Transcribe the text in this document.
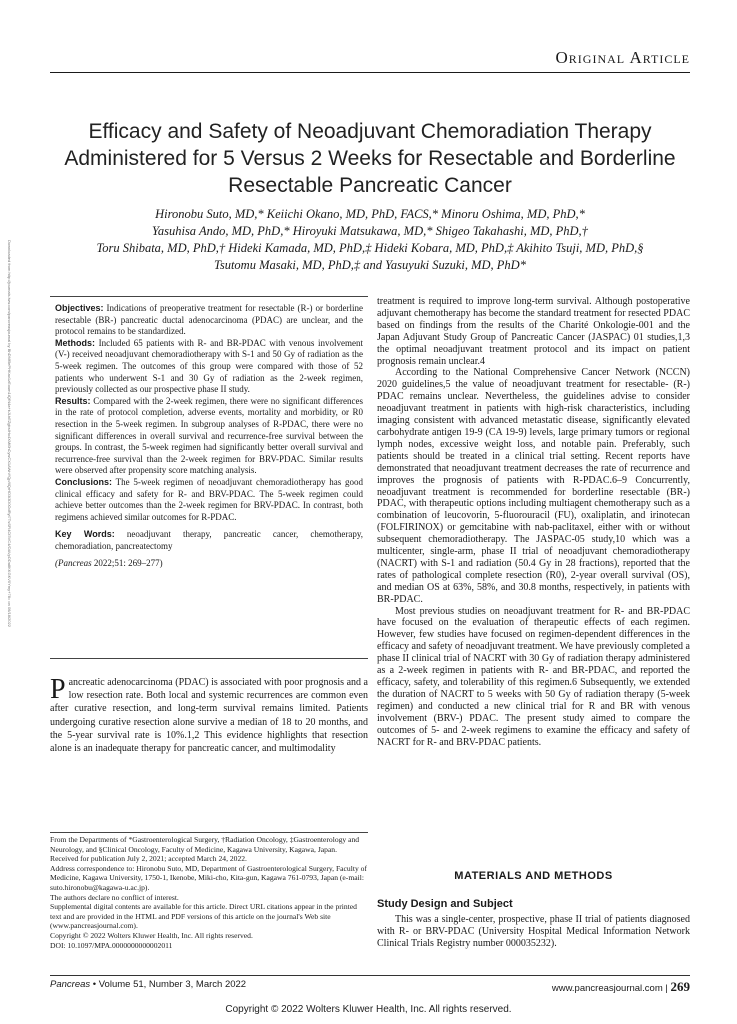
Original Article
Efficacy and Safety of Neoadjuvant Chemoradiation Therapy Administered for 5 Versus 2 Weeks for Resectable and Borderline Resectable Pancreatic Cancer
Hironobu Suto, MD,* Keiichi Okano, MD, PhD, FACS,* Minoru Oshima, MD, PhD,*
Yasuhisa Ando, MD, PhD,* Hiroyuki Matsukawa, MD,* Shigeo Takahashi, MD, PhD,†
Toru Shibata, MD, PhD,† Hideki Kamada, MD, PhD,‡ Hideki Kobara, MD, PhD,‡ Akihito Tsuji, MD, PhD,§
Tsutomu Masaki, MD, PhD,‡ and Yasuyuki Suzuki, MD, PhD*
Downloaded from http://journals.lww.com/pancreasjournal by BhDMf5ePHKav1zEoum1tQfN4a+kJLhEZgbsIHo4XMi0hCywCX1AWnYQp/IlQrHD3i3D0OdRyi7TvSFl4Cf3VC4/OAVpDDa8KKGKV0Ymy+78= on 06/18/2022	Objectives: Indications of preoperative treatment for resectable (R-) or borderline resectable (BR-) pancreatic ductal adenocarcinoma (PDAC) are unclear, and the protocol remains to be standardized.

Methods: Included 65 patients with R- and BR-PDAC with venous involvement (V-) received neoadjuvant chemoradiotherapy with S-1 and 50 Gy of radiation as the 5-week regimen. The outcomes of this group were compared with those of 52 patients who underwent S-1 and 30 Gy of radiation as the 2-week regimen, previously collected as our prospective phase II study.

Results: Compared with the 2-week regimen, there were no significant differences in the rate of protocol completion, adverse events, mortality and morbidity, or R0 resection in the 5-week regimen. In subgroup analyses of R-PDAC, there were no significant differences in overall survival and recurrence-free survival between the groups. In contrast, the 5-week regimen had significantly better overall survival and recurrence-free survival than the 2-week regimen for BRV-PDAC. Similar results were observed after propensity score matching analysis.

Conclusions: The 5-week regimen of neoadjuvant chemoradiotherapy has good clinical efficacy and safety for R- and BRV-PDAC. The 5-week regimen could achieve better outcomes than the 2-week regimen for BRV-PDAC. In contrast, both regimens achieved similar outcomes for R-PDAC.

Key Words: neoadjuvant therapy, pancreatic cancer, chemotherapy, chemoradiation, pancreatectomy

(Pancreas 2022;51: 269–277)

Pancreatic adenocarcinoma (PDAC) is associated with poor prognosis and a low resection rate. Both local and systemic recurrences are common even after curative resection, and long-term survival remains limited. Patients undergoing curative resection alone survive a median of 18 to 20 months, and the 5-year survival rate is 10%.1,2 This evidence highlights that resection alone is an inadequate therapy for pancreatic cancer, and multimodality

From the Departments of *Gastroenterological Surgery, †Radiation Oncology, ‡Gastroenterology and Neurology, and §Clinical Oncology, Faculty of Medicine, Kagawa University, Kagawa, Japan.

Received for publication July 2, 2021; accepted March 24, 2022.

Address correspondence to: Hironobu Suto, MD, Department of Gastroenterological Surgery, Faculty of Medicine, Kagawa University, 1750-1, Ikenobe, Miki-cho, Kita-gun, Kagawa 761-0793, Japan (e-mail: suto.hironobu@kagawa-u.ac.jp).

The authors declare no conflict of interest.

Supplemental digital contents are available for this article. Direct URL citations appear in the printed text and are provided in the HTML and PDF versions of this article on the journal's Web site (www.pancreasjournal.com).

Copyright © 2022 Wolters Kluwer Health, Inc. All rights reserved.

DOI: 10.1097/MPA.0000000000002011

treatment is required to improve long-term survival. Although postoperative adjuvant chemotherapy has become the standard treatment for resected PDAC based on findings from the results of the Charité Onkologie-001 and the Japan Adjuvant Study Group of Pancreatic Cancer (JASPAC) 01 studies,1,3 the optimal neoadjuvant treatment protocol and its impact on patient prognosis remain unclear.4

According to the National Comprehensive Cancer Network (NCCN) 2020 guidelines,5 the value of neoadjuvant treatment for resectable- (R-) PDAC remains unclear. Nevertheless, the guidelines advise to consider neoadjuvant treatment in patients with high-risk characteristics, including imaging consistent with advanced metastatic disease, significantly elevated carbohydrate antigen 19-9 (CA 19-9) levels, large primary tumors or regional lymph nodes, excessive weight loss, and notable pain. Preferably, such patients should be treated in a clinical trial setting. Recent reports have demonstrated that neoadjuvant treatment decreases the rate of recurrence and improves the prognosis of patients with R-PDAC.6–9 Concurrently, neoadjuvant treatment is recommended for borderline resectable (BR-) PDAC, with therapeutic options including multiagent chemotherapy such as a combination of leucovorin, 5-fluorouracil (FU), oxaliplatin, and irinotecan (FOLFIRINOX) or gemcitabine with nab-paclitaxel, either with or without subsequent chemoradiotherapy. The JASPAC-05 study,10 which was a multicenter, single-arm, phase II trial of neoadjuvant chemoradiotherapy (NACRT) with S-1 and radiation (50.4 Gy in 28 fractions), reported that the rates of pathological complete resection (R0), 2-year overall survival (OS), and median OS at 63%, 58%, and 30.8 months, respectively, in patients with BR-PDAC.

Most previous studies on neoadjuvant treatment for R- and BR-PDAC have focused on the evaluation of therapeutic effects of each regimen. However, few studies have focused on regimen-dependent differences in the efficacy and safety of neoadjuvant treatment. We have previously completed a phase II clinical trial of NACRT with 30 Gy of radiation therapy administered as a 2-week regimen in patients with R- and BR-PDAC, and reported the efficacy, safety, and tolerability of this regimen.6 Subsequently, we extended the duration of NACRT to 5 weeks with 50 Gy of radiation therapy (5-week regimen) and conducted a new clinical trial for R and BR with venous involvement (BRV-) PDAC. The present study aimed to compare the outcomes of 5- and 2-week regimens to examine the efficacy and safety of NACRT for R- and BRV-PDAC patients.

MATERIALS AND METHODS
Study Design and Subject
This was a single-center, prospective, phase II trial of patients diagnosed with R- or BRV-PDAC (University Hospital Medical Information Network Clinical Trials Registry number 000035232).
Pancreas • Volume 51, Number 3, March 2022	www.pancreasjournal.com | 269
Copyright © 2022 Wolters Kluwer Health, Inc. All rights reserved.
